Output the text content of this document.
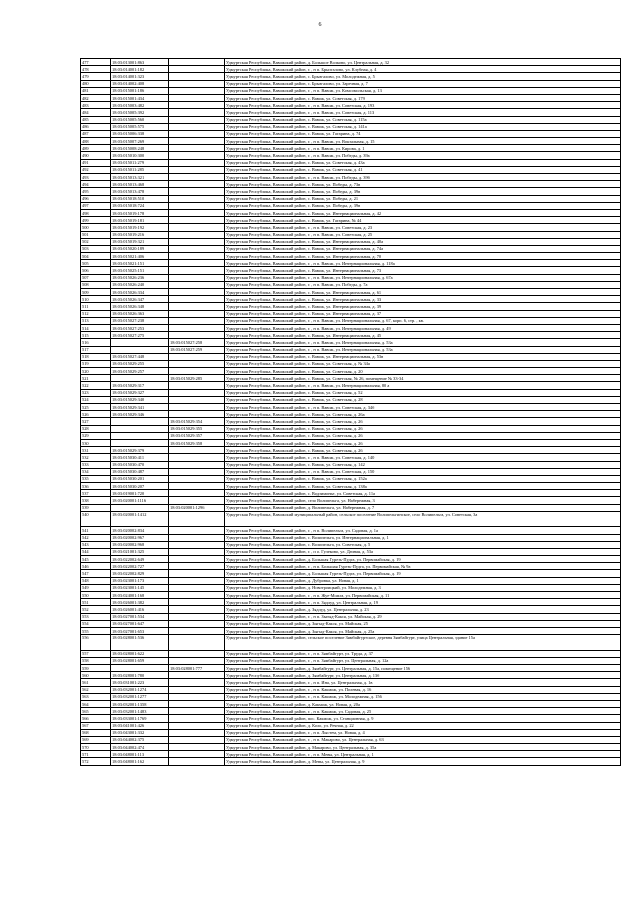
6
477	18:03:013001:863		Удмуртская Республика, Вавожский район, д. Большое Волково, ул. Центральная, д. 32
478	18:03:014001:182		Удмуртская Республика, Вавожский район, г. , н п. Брызгалово, ул. Клубная, д. 4
479	18:03:014001:323		Удмуртская Республика, Вавожский район, с. Брызгалово, ул. Молодежная, д. 5
480	18:03:014002:408		Удмуртская Республика, Вавожский район, с. Брызгалово, ул. Заречная, д. 7
481	18:03:015001:186		Удмуртская Республика, Вавожский район, г. , н п. Вавож, ул. Комсомольская, д. 13
482	18:03:015001:434		Удмуртская Республика, Вавожский район, с. Вавож, ул. Советская, д. 179
483	18:03:015003:482		Удмуртская Республика, Вавожский район, г. , н п. Вавож, ул. Советская, д. 193
484	18:03:015005:392		Удмуртская Республика, Вавожский район, г. , н п. Вавож, ул. Советская, д. 113
485	18:03:015005:560		Удмуртская Республика, Вавожский район, с. Вавож, ул. Советская, д. 115а
486	18:03:015005:575		Удмуртская Республика, Вавожский район, с. Вавож, ул. Советская, д. 141а
487	18:03:015006:338		Удмуртская Республика, Вавожский район, с. Вавож, ул. Гагарина, д. 74
488	18:03:015007:269		Удмуртская Республика, Вавожский район, г. , н п. Вавож, ул. Вокзальная, д. 15
489	18:03:015008:248		Удмуртская Республика, Вавожский район, г. , н п. Вавож, ул. Кирова, д. 1
490	18:03:015010:300		Удмуртская Республика, Вавожский район, г. , н п. Вавож, ул. Победы, д. 39а
491	18:03:015011:279		Удмуртская Республика, Вавожский район, с. Вавож, ул. Советская, д. 43а
492	18:03:015011:285		Удмуртская Республика, Вавожский район, с. Вавож, ул. Советская, д. 41
493	18:03:015013:321		Удмуртская Республика, Вавожский район, г. , н п. Вавож, ул. Победы, д. 39б
494	18:03:015013:468		Удмуртская Республика, Вавожский район, с. Вавож, ул. Победы, д. 73в
495	18:03:015013:478		Удмуртская Республика, Вавожский район, с. Вавож, ул. Победы, д. 39в
496	18:03:015018:510		Удмуртская Республика, Вавожский район, с. Вавож, ул. Победы, д. 21
497	18:03:015018:724		Удмуртская Республика, Вавожский район, с. Вавож, ул. Победы, д. 39в
498	18:03:015019:178		Удмуртская Республика, Вавожский район, с. Вавож, ул. Интернациональная, д. 42
499	18:03:015019:181		Удмуртская Республика, Вавожский район, с. Вавож, ул. Гагарина, № 44
500	18:03:015019:192		Удмуртская Республика, Вавожский район, г. , н п. Вавож, ул. Советская, д. 23
501	18:03:015019:216		Удмуртская Республика, Вавожский район, г. , н п. Вавож, ул. Советская, д. 25
502	18:03:015019:321		Удмуртская Республика, Вавожский район, с. Вавож, ул. Интернациональная, д. 40а
503	18:03:015020:189		Удмуртская Республика, Вавожский район, с. Вавож, ул. Интернациональная, д. 74а
504	18:03:015021:406		Удмуртская Республика, Вавожский район, с. Вавож, ул. Интернациональная, д. 70
505	18:03:015021:151		Удмуртская Республика, Вавожский район, г. , н п. Вавож, ул. Интернациональная, д. 118а
506	18:03:015025:151		Удмуртская Республика, Вавожский район, с. Вавож, ул. Интернациональная, д. 73
507	18:03:015026:236		Удмуртская Республика, Вавожский район, г. , н п. Вавож, ул. Интернациональная, д. 67а
508	18:03:015026:240		Удмуртская Республика, Вавожский район, г. , н п. Вавож, ул. Победы, д. 7а
509	18:03:015026:334		Удмуртская Республика, Вавожский район, с. Вавож, ул. Интернациональная, д. 61
510	18:03:015026:347		Удмуртская Республика, Вавожский район, с. Вавож, ул. Интернациональная, д. 33
511	18:03:015026:348		Удмуртская Республика, Вавожский район, с. Вавож, ул. Интернациональная, д. 39
512	18:03:015026:363		Удмуртская Республика, Вавожский район, с. Вавож, ул. Интернациональная, д. 37
513	18:03:015027:238		Удмуртская Республика, Вавожский район, г. , н п. Вавож, ул. Интернациональная, д. 67, корп. 6, стр. , кв.
514	18:03:015027:253		Удмуртская Республика, Вавожский район, г. , н п. Вавож, ул. Интернациональная, д. 49
515	18:03:015027:275		Удмуртская Республика, Вавожский район, с. Вавож, ул. Интернациональная, д. 45
516		18:03:015027:258	Удмуртская Республика, Вавожский район, г. , н п. Вавож, ул. Интернациональная, д. 53а
517		18:03:015027:259	Удмуртская Республика, Вавожский район, г. , н п. Вавож, ул. Интернациональная, д. 53а
518	18:03:015027:448		Удмуртская Республика, Вавожский район, с. Вавож, ул. Интернациональная, д. 53в
519	18:03:015029:255		Удмуртская Республика, Вавожский район, с. Вавож, ул. Советская, д. № 34а
520	18:03:015029:257		Удмуртская Республика, Вавожский район, с. Вавож, ул. Советская, д. 20
521		18:03:015029:285	Удмуртская Республика, Вавожский район, с. Вавож, ул. Советская, № 26, помещение № 33-34
522	18:03:015029:317		Удмуртская Республика, Вавожский район, г. , н п. Вавож, ул. Интернациональная, 80 а
523	18:03:015029:327		Удмуртская Республика, Вавожский район, с. Вавож, ул. Советская, д. 52
524	18:03:015029:340		Удмуртская Республика, Вавожский район, с. Вавож, ул. Советская, д. 28
525	18:03:015029:341		Удмуртская Республика, Вавожский район, г. , н п. Вавож, ул. Советская, д. 34б
526	18:03:015029:346		Удмуртская Республика, Вавожский район, с. Вавож, ул. Советская, д. 26а
527		18:03:015029:354	Удмуртская Республика, Вавожский район, с. Вавож, ул. Советская, д. 26
528		18:03:015029:355	Удмуртская Республика, Вавожский район, с. Вавож, ул. Советская, д. 26
529		18:03:015029:357	Удмуртская Республика, Вавожский район, с. Вавож, ул. Советская, д. 26
530		18:03:015029:358	Удмуртская Республика, Вавожский район, с. Вавож, ул. Советская, д. 26
531	18:03:015029:379		Удмуртская Республика, Вавожский район, с. Вавож, ул. Советская, д. 26
532	18:03:015030:411		Удмуртская Республика, Вавожский район, г. , н п. Вавож, ул. Советская, д. 140
533	18:03:015030:470		Удмуртская Республика, Вавожский район, с. Вавож, ул. Советская, д. 142
534	18:03:015030:487		Удмуртская Республика, Вавожский район, г. , н п. Вавож, ул. Советская, д. 150
535	18:03:015030:201		Удмуртская Республика, Вавожский район, с. Вавож, ул. Советская, д. 152а
536	18:03:015030:207		Удмуртская Республика, Вавожский район, с. Вавож, ул. Советская, д. 138а
537	18:03:019001:720		Удмуртская Республика, Вавожский район, с. Водзимонье, ул. Советская, д. 11а
538	18:03:020001:1116		Удмуртская Республика, Вавожский район, село Волипельга, ул. Набережная, 3
539		18:03:020001:1296	Удмуртская Республика, Вавожский район, д. Волипельга, ул. Набережная, д. 7
540	18:03:020001:1412		Удмуртская Республика, Вавожский муниципальный район, сельское поселение Волипельгинское, село Волипельга, ул. Советская, 3а
541	18:03:020002:834		Удмуртская Республика, Вавожский район, г. , н п. Волипельга, ул. Садовая, д. 1а
542	18:03:020002:967		Удмуртская Республика, Вавожский район, с. Волипельга, ул. Интернациональная, д. 1
543	18:03:020002:968		Удмуртская Республика, Вавожский район, с. Волипельга, ул. Советская, д. 5
544	18:03:021001:325		Удмуртская Республика, Вавожский район, г. , п о. Гулеково, ул. Дачная, д. 53а
545	18:03:022002:649		Удмуртская Республика, Вавожский район, д. Большая Гурезь-Пудга, ул. Первомайская, д. 19
546	18:03:022002:727		Удмуртская Республика, Вавожский район, г. , н п. Большая Гурезь-Пудга, ул. Первомайская, № 9а
547	18:03:022002:829		Удмуртская Республика, Вавожский район, д. Большая Гурезь-Пудга, ул. Первомайская, д. 19
548	18:03:023001:173		Удмуртская Республика, Вавожский район, д. Дубровка, ул. Новая, д. 1
549	18:03:023001:145		Удмуртская Республика, Вавожский район, д. Новотроицкий, ул. Молодежная, д. 3
550	18:03:024001:168		Удмуртская Республика, Вавожский район, г. , н п. Жуе-Можга, ул. Первомайская, д. 11
551	18:03:026001:382		Удмуртская Республика, Вавожский район, г. , н п. Зядлуд, ул. Центральная, д. 19
552	18:03:026001:416		Удмуртская Республика, Вавожский район, д. Зядлуд, ул. Центральная, д. 23
553	18:03:027001:534		Удмуртская Республика, Вавожский район, г. , н п. Зыгыд-Какся, ул. Майская, д. 29
554	18:03:027001:647		Удмуртская Республика, Вавожский район, д. Зыгыд-Какся, ул. Майская, 25
555	18:03:027001:653		Удмуртская Республика, Вавожский район, д. Зыгыд-Какся, ул. Майская, д. 25а
556	18:03:028001:536		Удмуртская Республика, Вавожский район, сельское поселение Зямбайгуртское, деревня Зямбайгурт, улица Центральная, здание 15а
557	18:03:028001:622		Удмуртская Республика, Вавожский район, г. , н п. Зямбайгурт, ул. Труда, д. 37
558	18:03:028001:659		Удмуртская Республика, Вавожский район, г. , н п. Зямбайгурт, ул. Центральная, д. 12а
559		18:03:028001:777	Удмуртская Республика, Вавожский район, д. Зямбайгурт, ул. Центральная, д. 15а, помещение 156
560	18:03:028001:780		Удмуртская Республика, Вавожский район, д. Зямбайгурт, ул. Центральная, д. 13б
561	18:03:031001:223		Удмуртская Республика, Вавожский район, г. , н п. Ина, ул. Центральная, д. 1в
562	18:03:032001:1274		Удмуртская Республика, Вавожский район, г. , н п. Какмож, ул. Полевая, д. 16
563	18:03:032001:1277		Удмуртская Республика, Вавожский район, г. , н п. Какмож, ул. Молодежная, д. 156
564	18:03:032001:1358		Удмуртская Республика, Вавожский район, д. Какмож, ул. Новая, д. 20а
565	18:03:032001:1483		Удмуртская Республика, Вавожский район, г. , н п. Какмож, ул. Садовая, д. 25
566	18:03:033001:1769		Удмуртская Республика, Вавожский район, пос. Какмож, ул. Станционная, д. 9
567	18:03:041001:426		Удмуртская Республика, Вавожский район, д. Коло, ул. Речная, д. 22
568	18:03:043001:332		Удмуртская Республика, Вавожский район, г. , н п. Лыстем, ул. Новая, д. 4
569	18:03:044002:375		Удмуртская Республика, Вавожский район, г. , н п. Макарово, ул. Центральная, д. 63
570	18:03:044002:474		Удмуртская Республика, Вавожский район, д. Макарово, ул. Центральная, д. 35а
571	18:03:048001:113		Удмуртская Республика, Вавожский район, г. , н п. Мевы, ул. Центральная, д. 1
572	18:03:048001:162		Удмуртская Республика, Вавожский район, д. Мевы, ул. Центральная, д. 9
